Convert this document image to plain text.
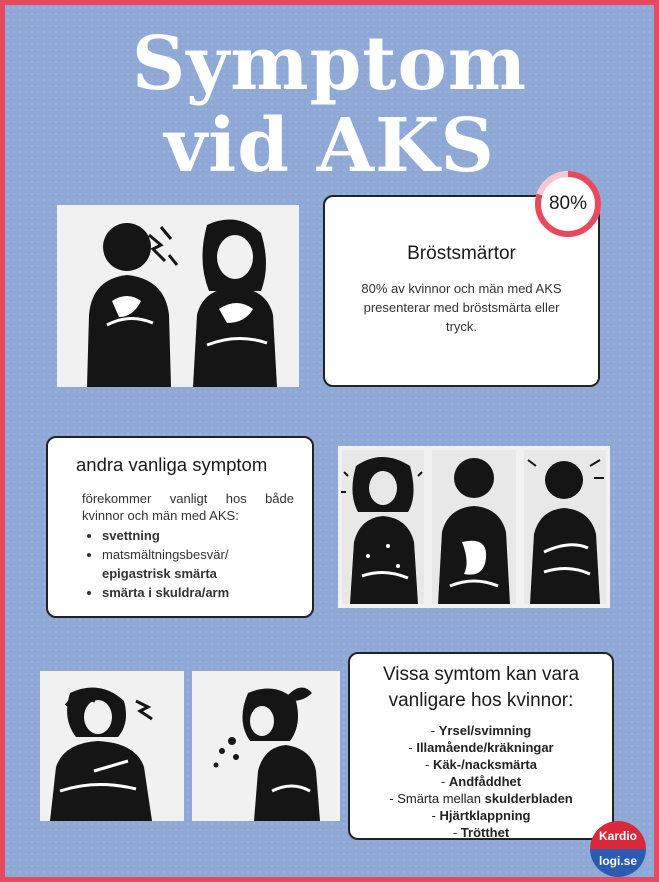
Symptom
vid AKS
Bröstsmärtor
80% av kvinnor och män med AKS presenterar med bröstsmärta eller tryck.
80%
andra vanliga symptom
förekommer vanligt hos både kvinnor och män med AKS:
• svettning
• matsmältningsbesvär/
epigastrisk smärta
• smärta i skuldra/arm
Vissa symtom kan vara
vanligare hos kvinnor:
- Yrsel/svimning
- Illamående/kräkningar
- Käk-/nacksmärta
- Andfåddhet
- Smärta mellan skulderbladen
- Hjärtklappning
- Trötthet	Kardio
logi.se
